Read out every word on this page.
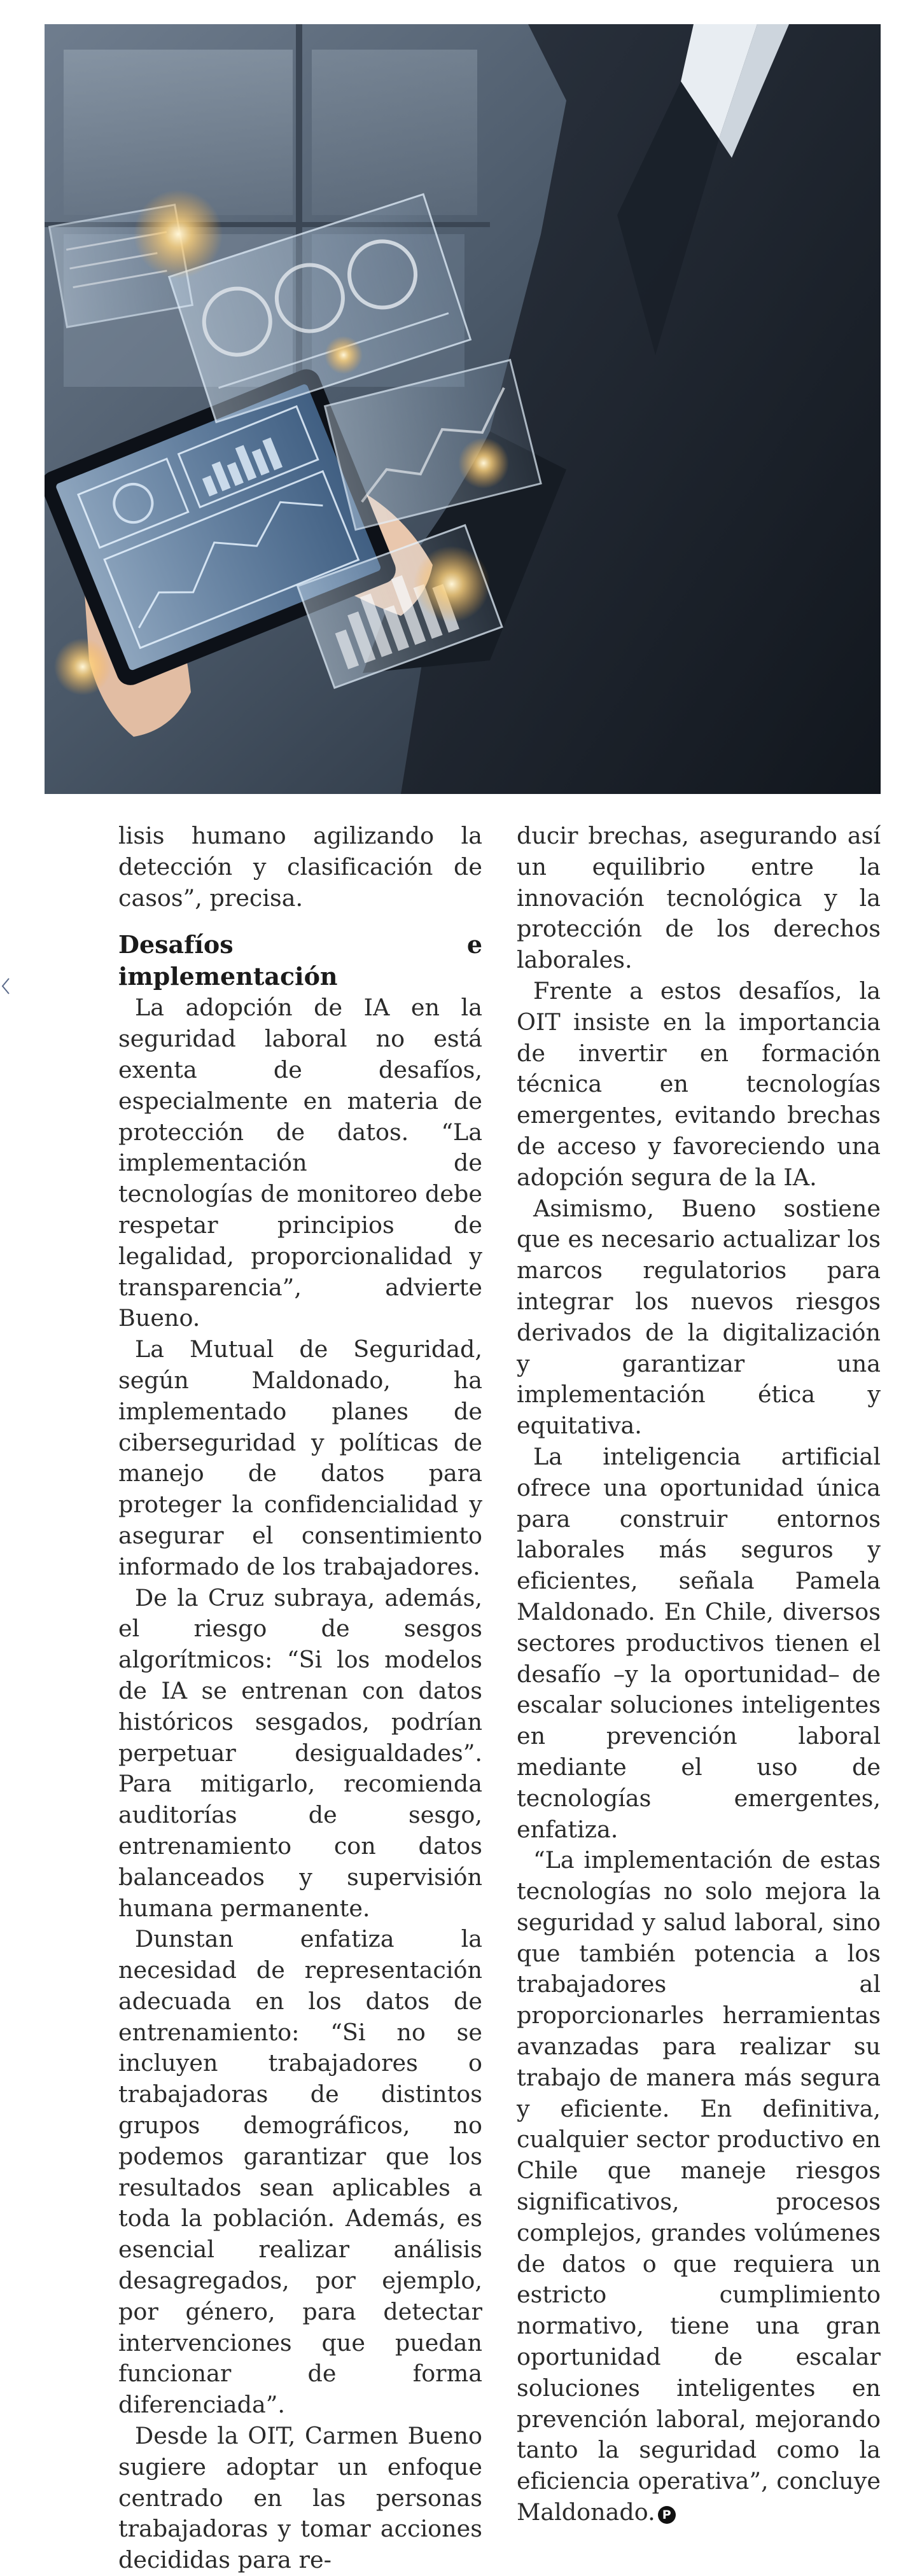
lisis humano agilizando la detección y clasificación de casos”, precisa.

Desafíos e implementación

La adopción de IA en la seguridad laboral no está exenta de desafíos, especialmente en materia de protección de datos. “La implementación de tecnologías de monitoreo debe respetar principios de legalidad, proporcionalidad y transparencia”, advierte Bueno.

La Mutual de Seguridad, según Maldonado, ha implementado planes de ciberseguridad y políticas de manejo de datos para proteger la confidencialidad y asegurar el consentimiento informado de los trabajadores.

De la Cruz subraya, además, el riesgo de sesgos algorítmicos: “Si los modelos de IA se entrenan con datos históricos sesgados, podrían perpetuar desigualdades”. Para mitigarlo, recomienda auditorías de sesgo, entrenamiento con datos balanceados y supervisión humana permanente.

Dunstan enfatiza la necesidad de representación adecuada en los datos de entrenamiento: “Si no se incluyen trabajadores o trabajadoras de distintos grupos demográficos, no podemos garantizar que los resultados sean aplicables a toda la población. Además, es esencial realizar análisis desagregados, por ejemplo, por género, para detectar intervenciones que puedan funcionar de forma diferenciada”.

Desde la OIT, Carmen Bueno sugiere adoptar un enfoque centrado en las personas trabajadoras y tomar acciones decididas para re-

ducir brechas, asegurando así un equilibrio entre la innovación tecnológica y la protección de los derechos laborales.

Frente a estos desafíos, la OIT insiste en la importancia de invertir en formación técnica en tecnologías emergentes, evitando brechas de acceso y favoreciendo una adopción segura de la IA.

Asimismo, Bueno sostiene que es necesario actualizar los marcos regulatorios para integrar los nuevos riesgos derivados de la digitalización y garantizar una implementación ética y equitativa.

La inteligencia artificial ofrece una oportunidad única para construir entornos laborales más seguros y eficientes, señala Pamela Maldonado. En Chile, diversos sectores productivos tienen el desafío –y la oportunidad– de escalar soluciones inteligentes en prevención laboral mediante el uso de tecnologías emergentes, enfatiza.

“La implementación de estas tecnologías no solo mejora la seguridad y salud laboral, sino que también potencia a los trabajadores al proporcionarles herramientas avanzadas para realizar su trabajo de manera más segura y eficiente. En definitiva, cualquier sector productivo en Chile que maneje riesgos significativos, procesos complejos, grandes volúmenes de datos o que requiera un estricto cumplimiento normativo, tiene una gran oportunidad de escalar soluciones inteligentes en prevención laboral, mejorando tanto la seguridad como la eficiencia operativa”, concluye Maldonado. P
